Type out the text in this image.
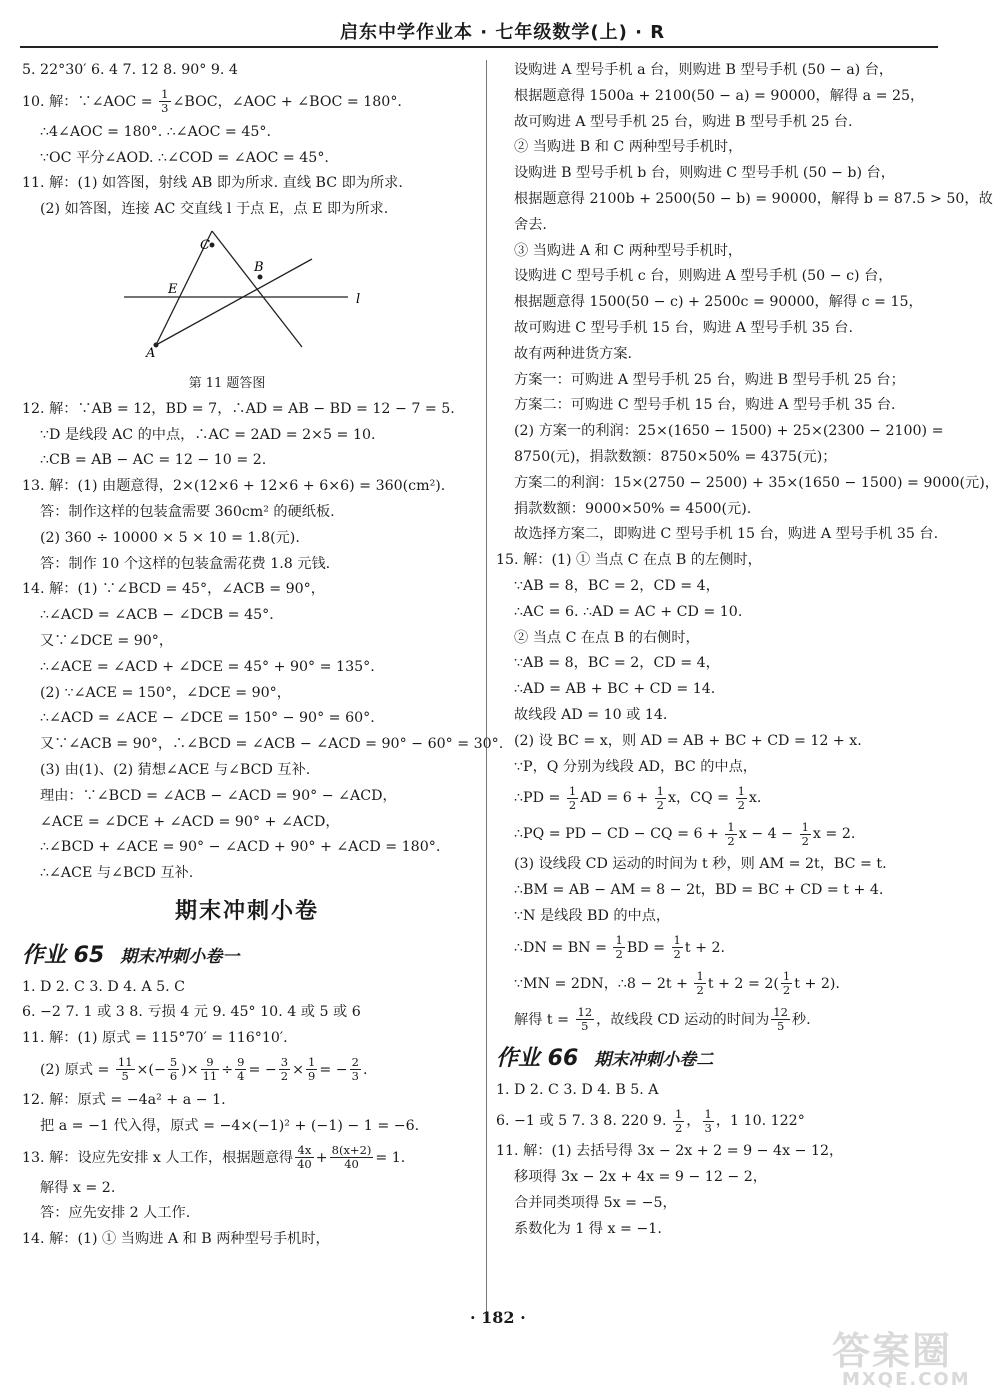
启东中学作业本 · 七年级数学(上) · R
5. 22°30′ 6. 4 7. 12 8. 90° 9. 4
10. 解：∵∠AOC = $\frac{1}{3}$ ∠BOC，∠AOC + ∠BOC = 180°.
∴4∠AOC = 180°. ∴∠AOC = 45°.
∵OC 平分∠AOD. ∴∠COD = ∠AOC = 45°.
11. 解：(1) 如答图，射线 AB 即为所求. 直线 BC 即为所求.
(2) 如答图，连接 AC 交直线 l 于点 E，点 E 即为所求.
A
C
B
E
l
第 11 题答图
12. 解：∵AB = 12，BD = 7，∴AD = AB − BD = 12 − 7 = 5.
∵D 是线段 AC 的中点，∴AC = 2AD = 2×5 = 10.
∴CB = AB − AC = 12 − 10 = 2.
13. 解：(1) 由题意得，2×(12×6 + 12×6 + 6×6) = 360(cm²).
答：制作这样的包装盒需要 360cm² 的硬纸板.
(2) 360 ÷ 10000 × 5 × 10 = 1.8(元).
答：制作 10 个这样的包装盒需花费 1.8 元钱.
14. 解：(1) ∵∠BCD = 45°，∠ACB = 90°，
∴∠ACD = ∠ACB − ∠DCB = 45°.
又∵∠DCE = 90°，
∴∠ACE = ∠ACD + ∠DCE = 45° + 90° = 135°.
(2) ∵∠ACE = 150°，∠DCE = 90°，
∴∠ACD = ∠ACE − ∠DCE = 150° − 90° = 60°.
又∵∠ACB = 90°，∴∠BCD = ∠ACB − ∠ACD = 90° − 60° = 30°.
(3) 由(1)、(2) 猜想∠ACE 与∠BCD 互补.
理由：∵∠BCD = ∠ACB − ∠ACD = 90° − ∠ACD，
∠ACE = ∠DCE + ∠ACD = 90° + ∠ACD，
∴∠BCD + ∠ACE = 90° − ∠ACD + 90° + ∠ACD = 180°.
∴∠ACE 与∠BCD 互补.
期末冲刺小卷
作业 65 期末冲刺小卷一
1. D 2. C 3. D 4. A 5. C
6. −2 7. 1 或 3 8. 亏损 4 元 9. 45° 10. 4 或 5 或 6
11. 解：(1) 原式 = 115°70′ = 116°10′.
(2) 原式 = $\frac{11}{5}$ ×(− $\frac{5}{6}$ )× $\frac{9}{11} \div \frac{9}{4}$ = − $\frac{3}{2} \times \frac{1}{9}$ = − $\frac{2}{3}$ .
12. 解：原式 = −4a² + a − 1.
把 a = −1 代入得，原式 = −4×(−1)² + (−1) − 1 = −6.
13. 解：设应先安排 x 人工作，根据题意得 $\frac{4x}{40} + \frac{8(x+2)}{40} = 1$.
解得 x = 2.
答：应先安排 2 人工作.
14. 解：(1) ① 当购进 A 和 B 两种型号手机时，
设购进 A 型号手机 a 台，则购进 B 型号手机 (50 − a) 台，
根据题意得 1500a + 2100(50 − a) = 90000，解得 a = 25，
故可购进 A 型号手机 25 台，购进 B 型号手机 25 台.
② 当购进 B 和 C 两种型号手机时，
设购进 B 型号手机 b 台，则购进 C 型号手机 (50 − b) 台，
根据题意得 2100b + 2500(50 − b) = 90000，解得 b = 87.5 > 50，故
舍去.
③ 当购进 A 和 C 两种型号手机时，
设购进 C 型号手机 c 台，则购进 A 型号手机 (50 − c) 台，
根据题意得 1500(50 − c) + 2500c = 90000，解得 c = 15，
故可购进 C 型号手机 15 台，购进 A 型号手机 35 台.
故有两种进货方案.
方案一：可购进 A 型号手机 25 台，购进 B 型号手机 25 台；
方案二：可购进 C 型号手机 15 台，购进 A 型号手机 35 台.
(2) 方案一的利润：25×(1650 − 1500) + 25×(2300 − 2100) =
8750(元)，捐款数额：8750×50% = 4375(元)；
方案二的利润：15×(2750 − 2500) + 35×(1650 − 1500) = 9000(元)，
捐款数额：9000×50% = 4500(元).
故选择方案二，即购进 C 型号手机 15 台，购进 A 型号手机 35 台.
15. 解：(1) ① 当点 C 在点 B 的左侧时，
∵AB = 8，BC = 2，CD = 4，
∴AC = 6. ∴AD = AC + CD = 10.
② 当点 C 在点 B 的右侧时，
∵AB = 8，BC = 2，CD = 4，
∴AD = AB + BC + CD = 14.
故线段 AD = 10 或 14.
(2) 设 BC = x，则 AD = AB + BC + CD = 12 + x.
∵P，Q 分别为线段 AD，BC 的中点，
∴PD = $\frac{1}{2}$ AD = $6 + \frac{1}{2}$ x，CQ = $\frac{1}{2} x$.
∴PQ = PD − CD − CQ = $6 + \frac{1}{2}$ $x - 4 - \frac{1}{2}$ x = 2.
(3) 设线段 CD 运动的时间为 t 秒，则 AM = 2t，BC = t.
∴BM = AB − AM = 8 − 2t，BD = BC + CD = t + 4.
∵N 是线段 BD 的中点，
∴DN = BN = $\frac{1}{2}$ BD = $\frac{1}{2}$ t + 2.
∵MN = 2DN，∴8 − $2t + \frac{1}{2}$ $t + 2 = 2( \frac{1}{2}$ t + 2).
解得 $t = \frac{12}{5}$ ，故线段 CD 运动的时间为 $\frac{12}{5}$ 秒.
作业 66 期末冲刺小卷二
1. D 2. C 3. D 4. B 5. A
6. −1 或 5 7. 3 8. 220 9. $\frac{1}{2}$ ， $\frac{1}{3}$ ，1 10. 122°
11. 解：(1) 去括号得 3x − 2x + 2 = 9 − 4x − 12，
移项得 3x − 2x + 4x = 9 − 12 − 2，
合并同类项得 5x = −5，
系数化为 1 得 x = −1.
· 182 ·
答案圈
MXQE.COM
